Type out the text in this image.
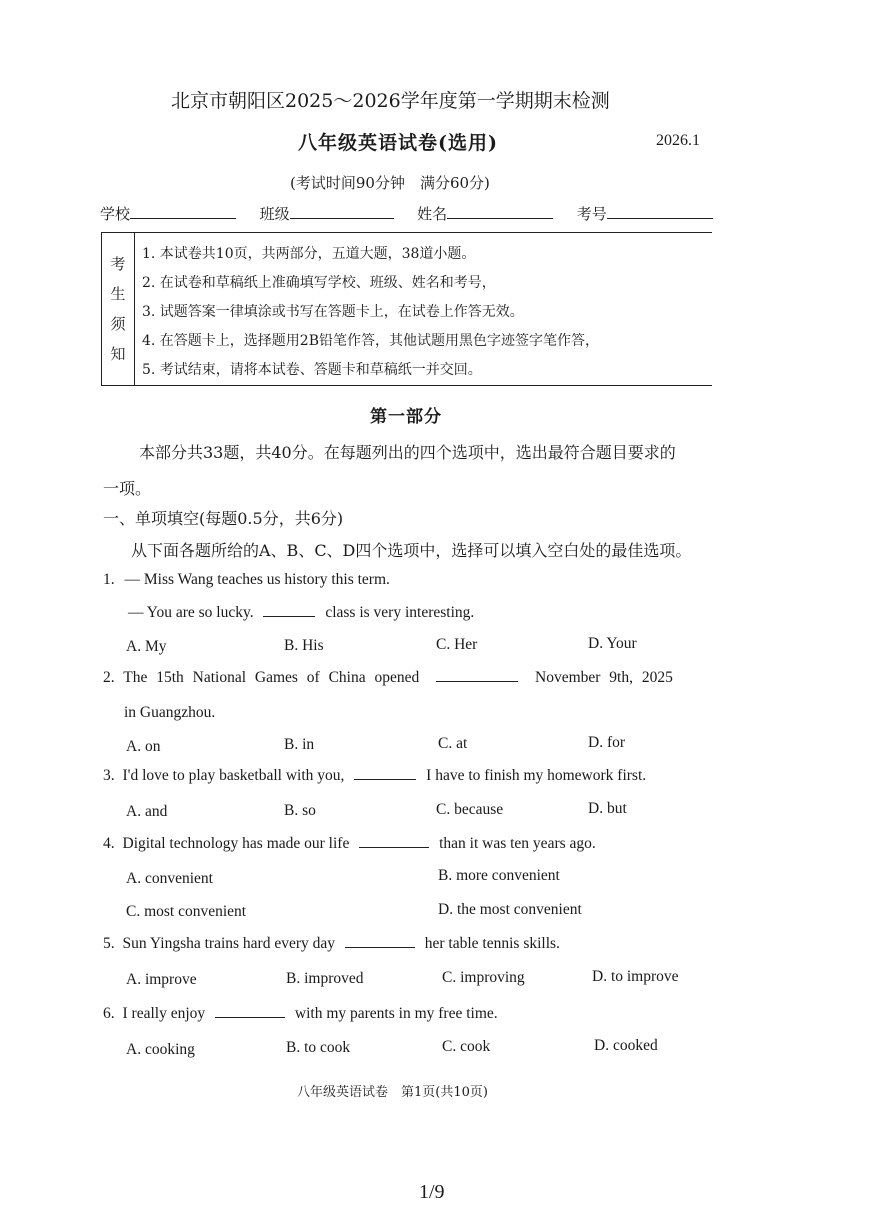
北京市朝阳区2025～2026学年度第一学期期末检测
八年级英语试卷(选用)	2026.1
(考试时间90分钟　满分60分)
学校	班级	姓名	考号
考
生
须
知
1. 本试卷共10页，共两部分，五道大题，38道小题。
2. 在试卷和草稿纸上准确填写学校、班级、姓名和考号，
3. 试题答案一律填涂或书写在答题卡上，在试卷上作答无效。
4. 在答题卡上，选择题用2B铅笔作答，其他试题用黑色字迹签字笔作答，
5. 考试结束，请将本试卷、答题卡和草稿纸一并交回。
第一部分
本部分共33题，共40分。在每题列出的四个选项中，选出最符合题目要求的
一项。
一、单项填空(每题0.5分，共6分)
从下面各题所给的A、B、C、D四个选项中，选择可以填入空白处的最佳选项。
1. — Miss Wang teaches us history this term.
— You are so lucky.	class is very interesting.
A. My	B. His	C. Her	D. Your
2. The 15th National Games of China opened	November 9th, 2025
in Guangzhou.
A. on	B. in	C. at	D. for
3. I'd love to play basketball with you,	I have to finish my homework first.
A. and	B. so	C. because	D. but
4. Digital technology has made our life	than it was ten years ago.
A. convenient	B. more convenient
C. most convenient	D. the most convenient
5. Sun Yingsha trains hard every day	her table tennis skills.
A. improve	B. improved	C. improving	D. to improve
6. I really enjoy	with my parents in my free time.
A. cooking	B. to cook	C. cook	D. cooked
八年级英语试卷　第1页(共10页)
1/9
